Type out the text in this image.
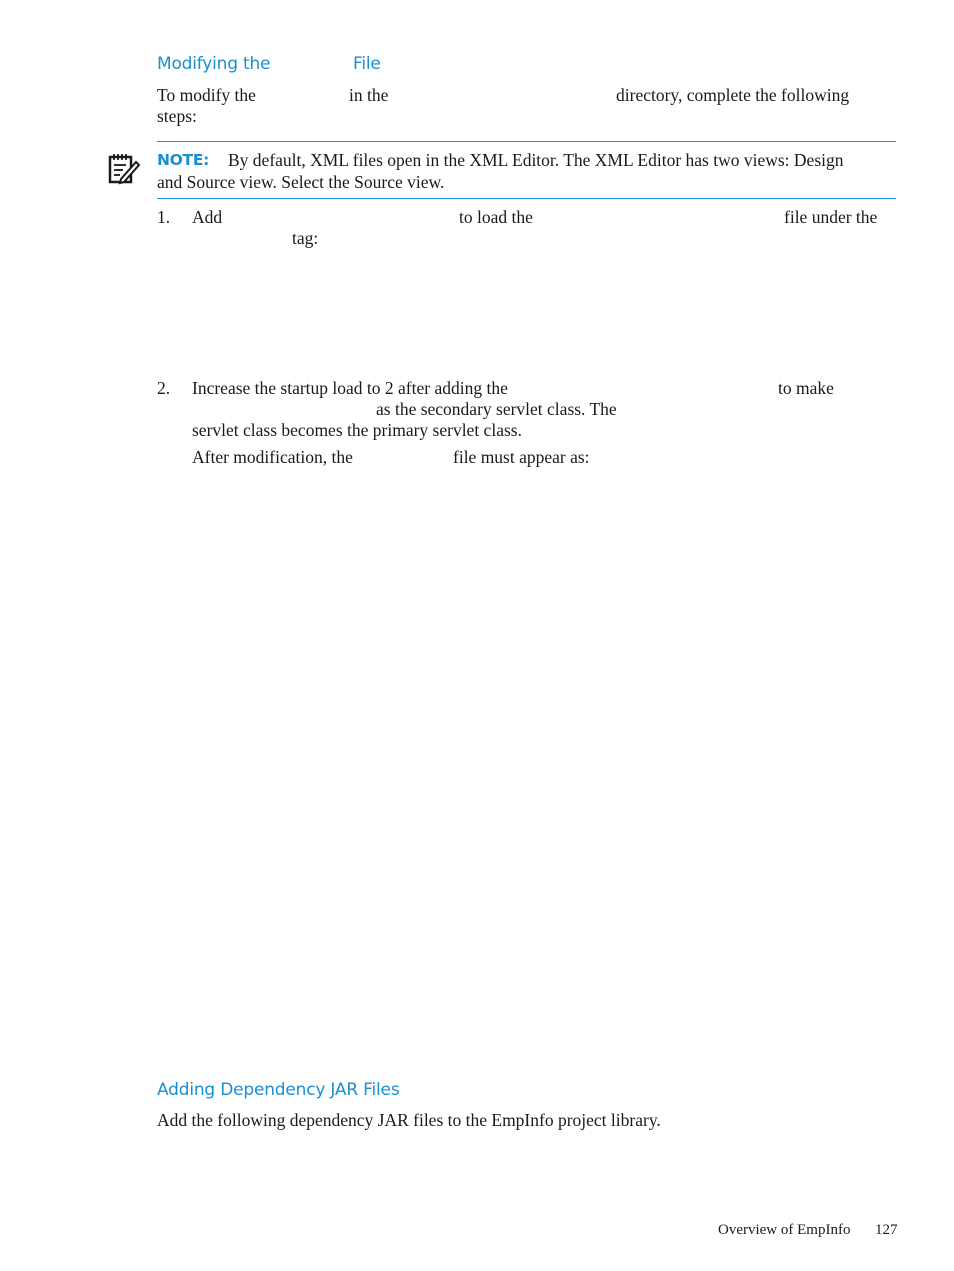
Modifying the	File
To modify the	in the	directory, complete the following
steps:
NOTE: By default, XML files open in the XML Editor. The XML Editor has two views: Design
and Source view. Select the Source view.
1. Add	to load the	file under the
tag:
2. Increase the startup load to 2 after adding the	to make
as the secondary servlet class. The
servlet class becomes the primary servlet class.
After modification, the	file must appear as:
Adding Dependency JAR Files
Add the following dependency JAR files to the EmpInfo project library.
Overview of EmpInfo 127
